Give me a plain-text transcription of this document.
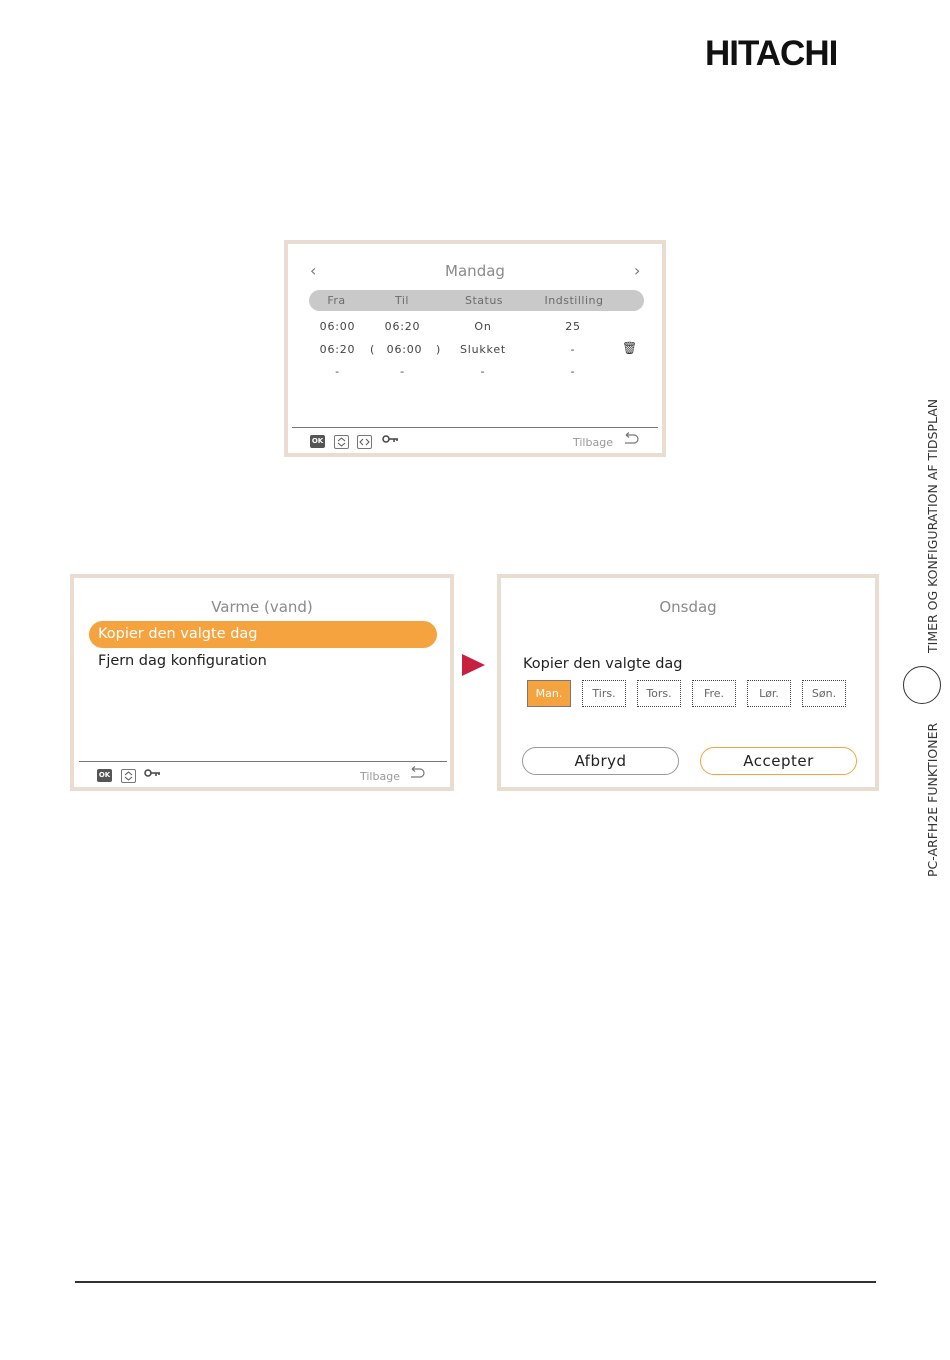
HITACHI
TIMER OG KONFIGURATION AF TIDSPLAN
PC-ARFH2E FUNKTIONER
‹	Mandag	›
Fra	Til	Status	Indstilling
06:00	06:20	On	25
06:20	(	06:00	) Slukket	-	🗑
-	-	-	-
OK	Tilbage
Varme (vand)
Kopier den valgte dag
Fjern dag konfiguration
OK	Tilbage
Onsdag
Kopier den valgte dag
Man.	Tirs.	Tors.	Fre.	Lør.	Søn.
Afbryd	Accepter
